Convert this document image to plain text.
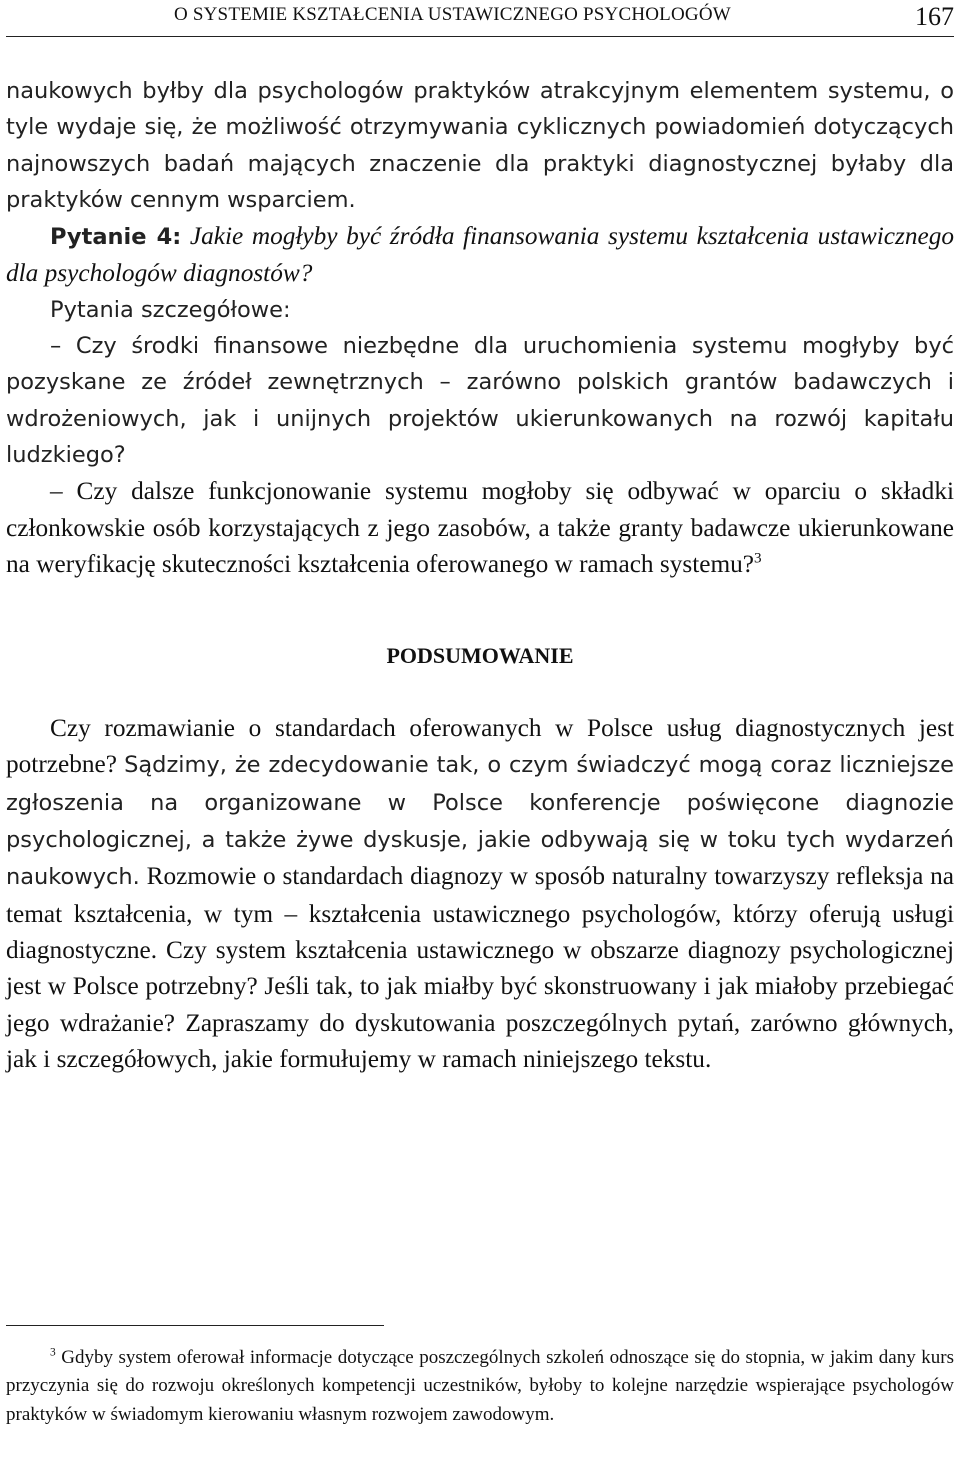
O SYSTEMIE KSZTAŁCENIA USTAWICZNEGO PSYCHOLOGÓW	167

naukowych byłby dla psychologów praktyków atrakcyjnym elementem systemu, o tyle wydaje się, że możliwość otrzymywania cyklicznych powiadomień dotyczących najnowszych badań mających znaczenie dla praktyki diagnostycznej byłaby dla praktyków cennym wsparciem.

Pytanie 4: Jakie mogłyby być źródła finansowania systemu kształcenia ustawicznego dla psychologów diagnostów?

Pytania szczegółowe:

– Czy środki finansowe niezbędne dla uruchomienia systemu mogłyby być pozyskane ze źródeł zewnętrznych – zarówno polskich grantów badawczych i wdrożeniowych, jak i unijnych projektów ukierunkowanych na rozwój kapitału ludzkiego?

– Czy dalsze funkcjonowanie systemu mogłoby się odbywać w oparciu o składki członkowskie osób korzystających z jego zasobów, a także granty badawcze ukierunkowane na weryfikację skuteczności kształcenia oferowanego w ramach systemu?$^3$

PODSUMOWANIE

Czy rozmawianie o standardach oferowanych w Polsce usług diagnostycznych jest potrzebne? Sądzimy, że zdecydowanie tak, o czym świadczyć mogą coraz liczniejsze zgłoszenia na organizowane w Polsce konferencje poświęcone diagnozie psychologicznej, a także żywe dyskusje, jakie odbywają się w toku tych wydarzeń naukowych. Rozmowie o standardach diagnozy w sposób naturalny towarzyszy refleksja na temat kształcenia, w tym – kształcenia ustawicznego psychologów, którzy oferują usługi diagnostyczne. Czy system kształcenia ustawicznego w obszarze diagnozy psychologicznej jest w Polsce potrzebny? Jeśli tak, to jak miałby być skonstruowany i jak miałoby przebiegać jego wdrażanie? Zapraszamy do dyskutowania poszczególnych pytań, zarówno głównych, jak i szczegółowych, jakie formułujemy w ramach niniejszego tekstu.

$^3$ Gdyby system oferował informacje dotyczące poszczególnych szkoleń odnoszące się do stopnia, w jakim dany kurs przyczynia się do rozwoju określonych kompetencji uczestników, byłoby to kolejne narzędzie wspierające psychologów praktyków w świadomym kierowaniu własnym rozwojem zawodowym.
